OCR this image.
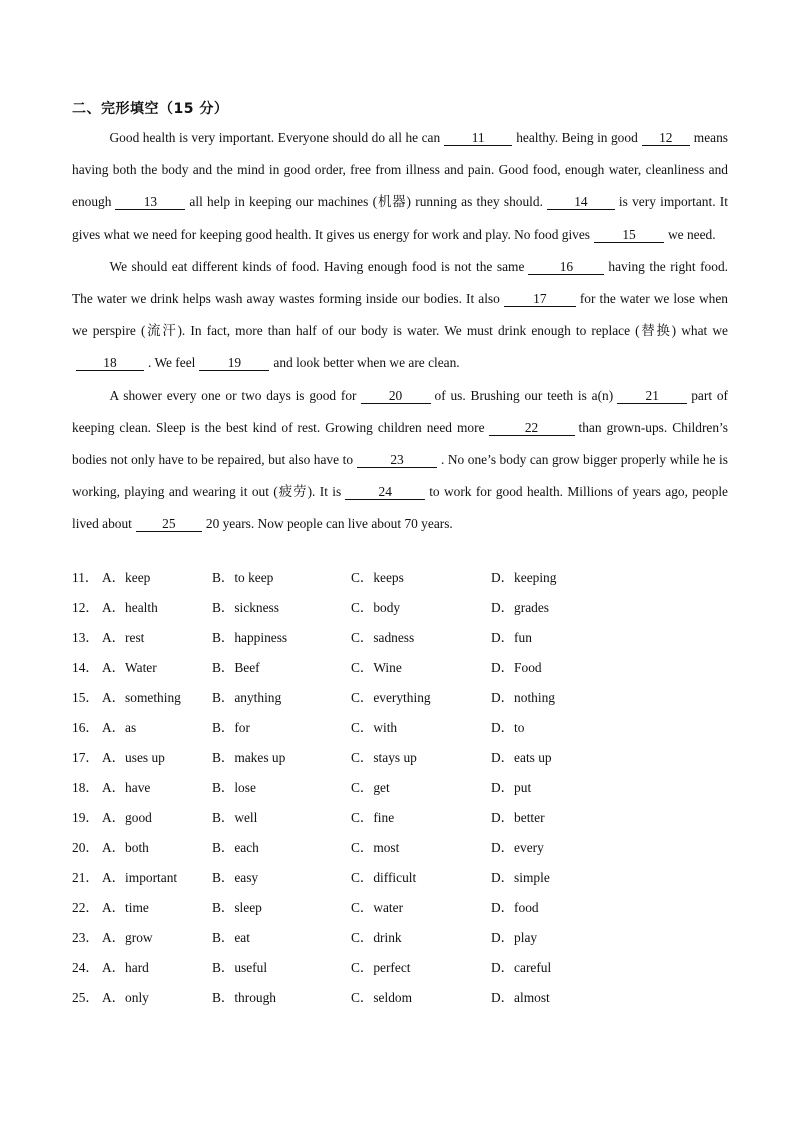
二、完形填空（15 分）

Good health is very important. Everyone should do all he can 11 healthy. Being in good 12 means having both the body and the mind in good order, free from illness and pain. Good food, enough water, cleanliness and enough 13 all help in keeping our machines (机器) running as they should. 14 is very important. It gives what we need for keeping good health. It gives us energy for work and play. No food gives 15 we need.

We should eat different kinds of food. Having enough food is not the same	16	having the right food. The water we drink helps wash away wastes forming inside our bodies. It also 17 for the water we lose when we perspire (流汗). In fact, more than half of our body is water. We must drink enough to replace (替换) what we18 . We feel 19 and look better when we are clean.

A shower every one or two days is good for 20 of us. Brushing our teeth is a(n) 21 part of keeping clean. Sleep is the best kind of rest. Growing children need more	22	than grown-ups. Children’s bodies not only have to be repaired, but also have to	23	. No one’s body can grow bigger properly while he is working, playing and wearing it out (疲劳). It is	24	to work for good health. Millions of years ago, people lived about 25 20 years. Now people can live about 70 years.

11． A．keep	B．to keep	C．keeps	D．keeping
12． A．health	B．sickness	C．body	D．grades
13． A．rest	B．happiness	C．sadness	D．fun
14． A．Water	B．Beef	C．Wine	D．Food
15． A．something B．anything	C．everything	D．nothing
16． A．as	B．for	C．with	D．to
17． A．uses up	B．makes up	C．stays up	D．eats up
18． A．have	B．lose	C．get	D．put
19． A．good	B．well	C．fine	D．better
20． A．both	B．each	C．most	D．every
21． A．important	B．easy	C．difficult	D．simple
22． A．time	B．sleep	C．water	D．food
23． A．grow	B．eat	C．drink	D．play
24． A．hard	B．useful	C．perfect	D．careful
25． A．only	B．through	C．seldom	D．almost
